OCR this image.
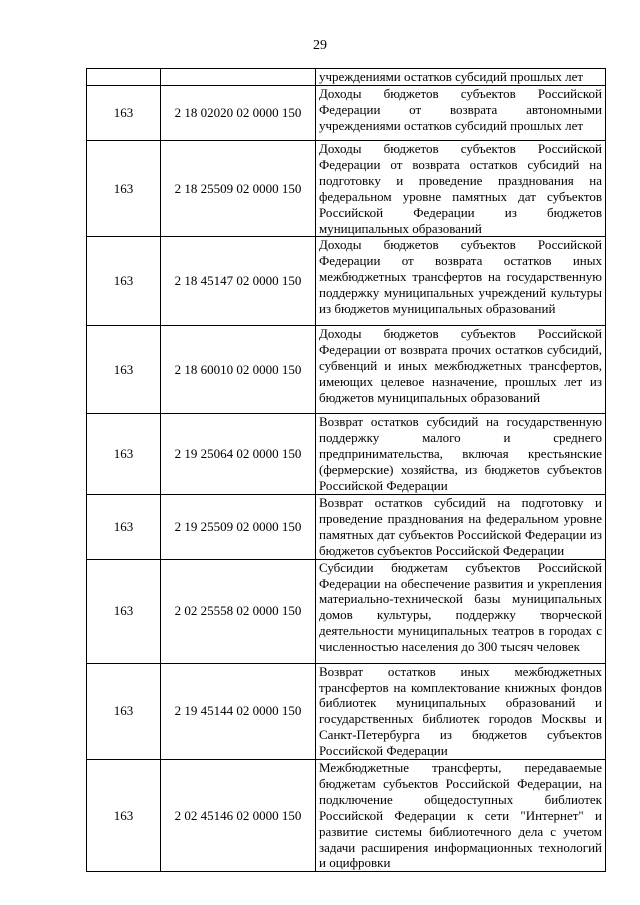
29
		учреждениями остатков субсидий прошлых лет
163	2 18 02020 02 0000 150	Доходы бюджетов субъектов Российской Федерации от возврата автономными учреждениями остатков субсидий прошлых лет
163	2 18 25509 02 0000 150	Доходы бюджетов субъектов Российской Федерации от возврата остатков субсидий на подготовку и проведение празднования на федеральном уровне памятных дат субъектов Российской Федерации из бюджетов муниципальных образований
163	2 18 45147 02 0000 150	Доходы бюджетов субъектов Российской Федерации от возврата остатков иных межбюджетных трансфертов на государственную поддержку муниципальных учреждений культуры из бюджетов муниципальных образований
163	2 18 60010 02 0000 150	Доходы бюджетов субъектов Российской Федерации от возврата прочих остатков субсидий, субвенций и иных межбюджетных трансфертов, имеющих целевое назначение, прошлых лет из бюджетов муниципальных образований
163	2 19 25064 02 0000 150	Возврат остатков субсидий на государственную поддержку малого и среднего предпринимательства, включая крестьянские (фермерские) хозяйства, из бюджетов субъектов Российской Федерации
163	2 19 25509 02 0000 150	Возврат остатков субсидий на подготовку и проведение празднования на федеральном уровне памятных дат субъектов Российской Федерации из бюджетов субъектов Российской Федерации
163	2 02 25558 02 0000 150	Субсидии бюджетам субъектов Российской Федерации на обеспечение развития и укрепления материально-технической базы муниципальных домов культуры, поддержку творческой деятельности муниципальных театров в городах с численностью населения до 300 тысяч человек
163	2 19 45144 02 0000 150	Возврат остатков иных межбюджетных трансфертов на комплектование книжных фондов библиотек муниципальных образований и государственных библиотек городов Москвы и Санкт-Петербурга из бюджетов субъектов Российской Федерации
163	2 02 45146 02 0000 150	Межбюджетные трансферты, передаваемые бюджетам субъектов Российской Федерации, на подключение общедоступных библиотек Российской Федерации к сети "Интернет" и развитие системы библиотечного дела с учетом задачи расширения информационных технологий и оцифровки
